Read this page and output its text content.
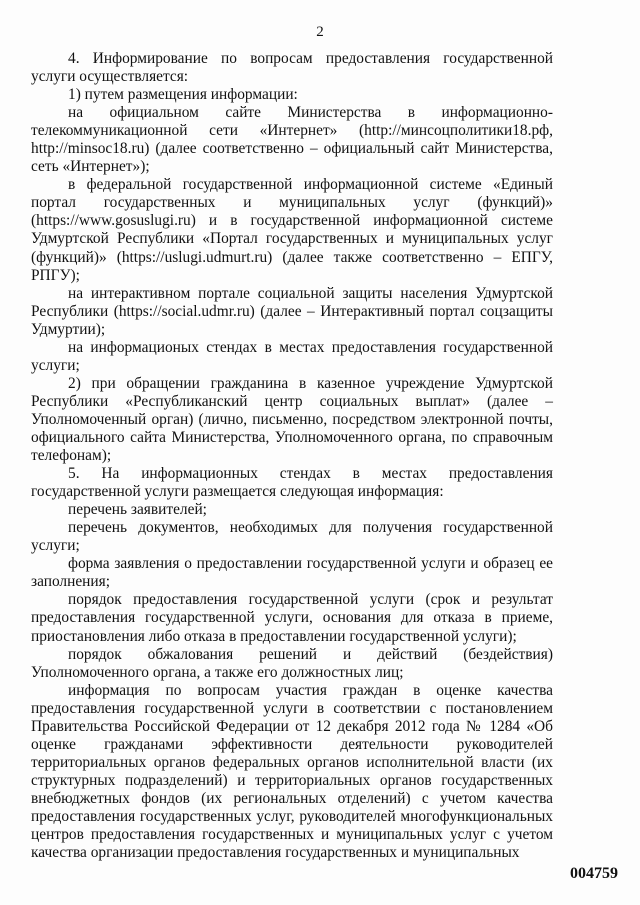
2

4. Информирование по вопросам предоставления государственной услуги осуществляется:

1) путем размещения информации:

на официальном сайте Министерства в информационно-телекоммуникационной сети «Интернет» (http://минсоцполитики18.рф, http://minsoc18.ru) (далее соответственно – официальный сайт Министерства, сеть «Интернет»);

в федеральной государственной информационной системе «Единый портал государственных и муниципальных услуг (функций)» (https://www.gosuslugi.ru) и в государственной информационной системе Удмуртской Республики «Портал государственных и муниципальных услуг (функций)» (https://uslugi.udmurt.ru) (далее также соответственно – ЕПГУ, РПГУ);

на интерактивном портале социальной защиты населения Удмуртской Республики (https://social.udmr.ru) (далее – Интерактивный портал соцзащиты Удмуртии);

на информационых стендах в местах предоставления государственной услуги;

2) при обращении гражданина в казенное учреждение Удмуртской Республики «Республиканский центр социальных выплат» (далее – Уполномоченный орган) (лично, письменно, посредством электронной почты, официального сайта Министерства, Уполномоченного органа, по справочным телефонам);

5. На информационных стендах в местах предоставления государственной услуги размещается следующая информация:

перечень заявителей;

перечень документов, необходимых для получения государственной услуги;

форма заявления о предоставлении государственной услуги и образец ее заполнения;

порядок предоставления государственной услуги (срок и результат предоставления государственной услуги, основания для отказа в приеме, приостановления либо отказа в предоставлении государственной услуги);

порядок обжалования решений и действий (бездействия) Уполномоченного органа, а также его должностных лиц;

информация по вопросам участия граждан в оценке качества предоставления государственной услуги в соответствии с постановлением Правительства Российской Федерации от 12 декабря 2012 года № 1284 «Об оценке гражданами эффективности деятельности руководителей территориальных органов федеральных органов исполнительной власти (их структурных подразделений) и территориальных органов государственных внебюджетных фондов (их региональных отделений) с учетом качества предоставления государственных услуг, руководителей многофункциональных центров предоставления государственных и муниципальных услуг с учетом качества организации предоставления государственных и муниципальных

004759
